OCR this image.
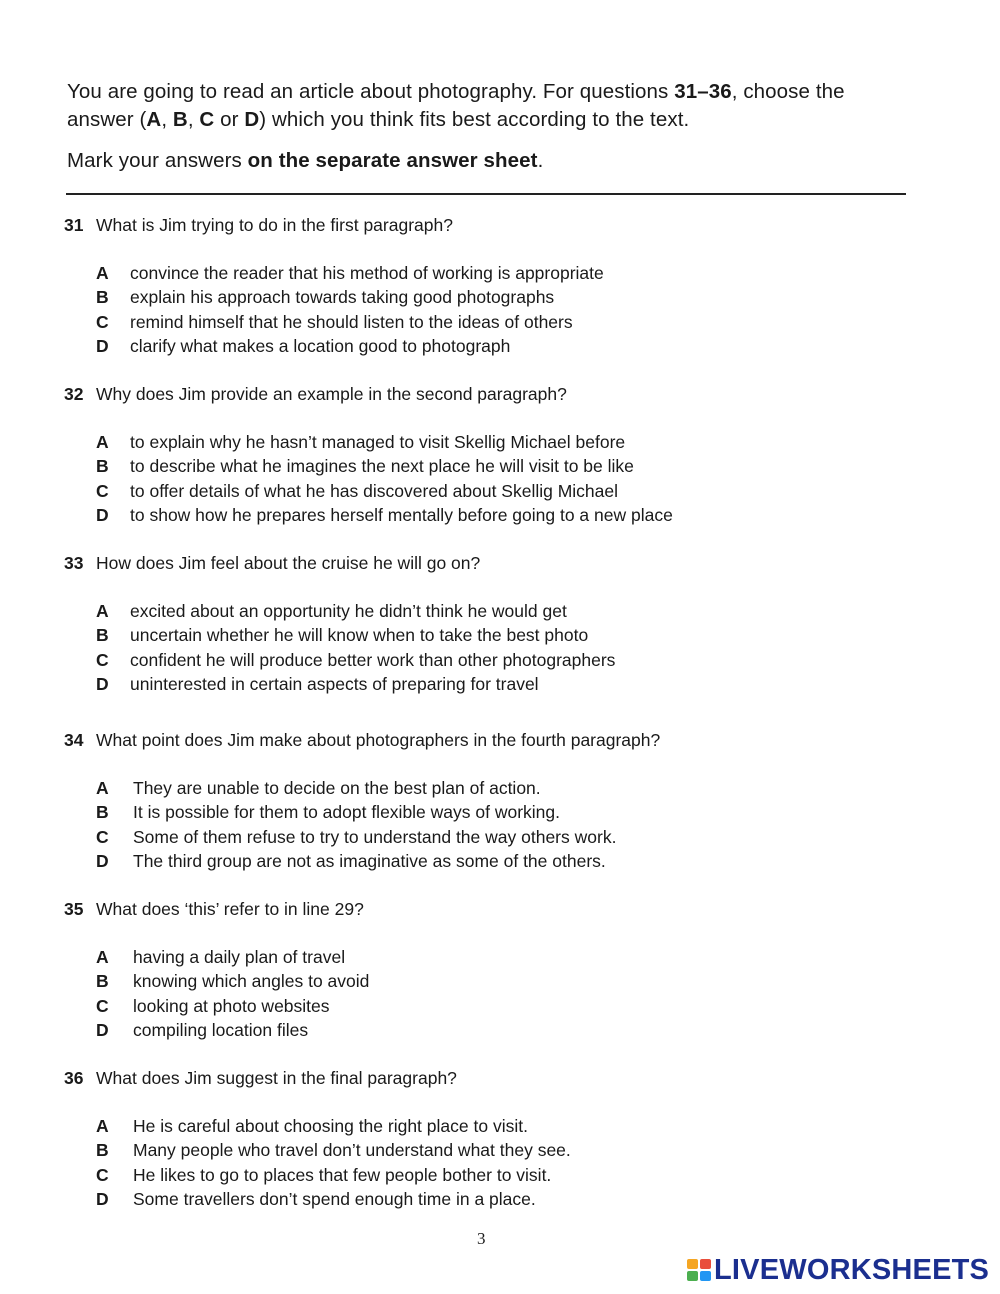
You are going to read an article about photography. For questions 31–36, choose the answer (A, B, C or D) which you think fits best according to the text.

Mark your answers on the separate answer sheet.

31 What is Jim trying to do in the first paragraph?
A convince the reader that his method of working is appropriate
B explain his approach towards taking good photographs
C remind himself that he should listen to the ideas of others
D clarify what makes a location good to photograph
32 Why does Jim provide an example in the second paragraph?
A to explain why he hasn’t managed to visit Skellig Michael before
B to describe what he imagines the next place he will visit to be like
C to offer details of what he has discovered about Skellig Michael
D to show how he prepares herself mentally before going to a new place
33 How does Jim feel about the cruise he will go on?
A excited about an opportunity he didn’t think he would get
B uncertain whether he will know when to take the best photo
C confident he will produce better work than other photographers
D uninterested in certain aspects of preparing for travel
34 What point does Jim make about photographers in the fourth paragraph?
A They are unable to decide on the best plan of action.
B It is possible for them to adopt flexible ways of working.
C Some of them refuse to try to understand the way others work.
D The third group are not as imaginative as some of the others.
35 What does ‘this’ refer to in line 29?
A having a daily plan of travel
B knowing which angles to avoid
C looking at photo websites
D compiling location files
36 What does Jim suggest in the final paragraph?
A He is careful about choosing the right place to visit.
B Many people who travel don’t understand what they see.
C He likes to go to places that few people bother to visit.
D Some travellers don’t spend enough time in a place.
3
LIVEWORKSHEETS
